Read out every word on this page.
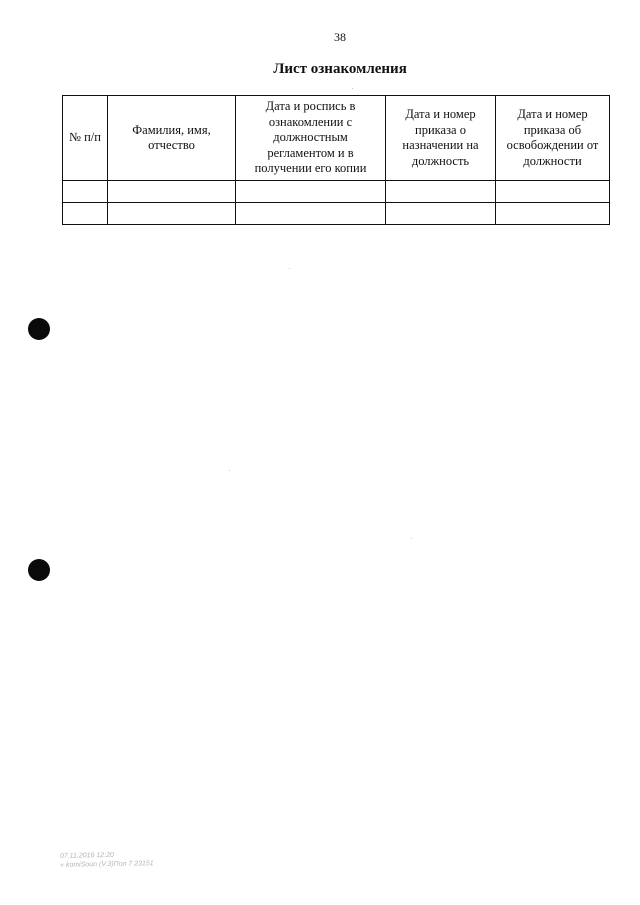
38
Лист ознакомления
№ п/п	Фамилия, имя, отчество	Дата и роспись в ознакомлении с должностным регламентом и в получении его копии	Дата и номер приказа о назначении на должность	Дата и номер приказа об освобождении от должности

07.11.2016 12:20
« komiSoun (V.3)Пол 7 23151
